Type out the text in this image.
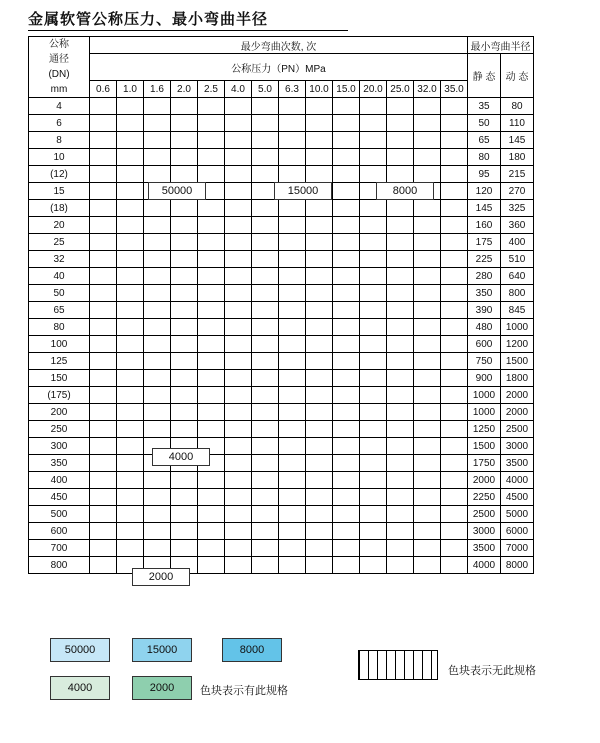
金属软管公称压力、最小弯曲半径
公称
通径
(DN)
mm	最少弯曲次数, 次														最小弯曲半径	
	公称压力（PN）MPa														静 态	动 态
	0.6	1.0	1.6	2.0	2.5	4.0	5.0	6.3	10.0	15.0	20.0	25.0	32.0	35.0		
4															35	80
6															50	110
8															65	145
10															80	180
(12)															95	215
15															120	270
(18)															145	325
20															160	360
25															175	400
32															225	510
40															280	640
50															350	800
65															390	845
80															480	1000
100															600	1200
125															750	1500
150															900	1800
(175)															1000	2000
200															1000	2000
250															1250	2500
300															1500	3000
350															1750	3500
400															2000	4000
450															2250	4500
500															2500	5000
600															3000	6000
700															3500	7000
800															4000	8000
50000	15000	8000
4000
2000
色块表示无此规格
色块表示有此规格
50000	15000	8000
4000	2000
